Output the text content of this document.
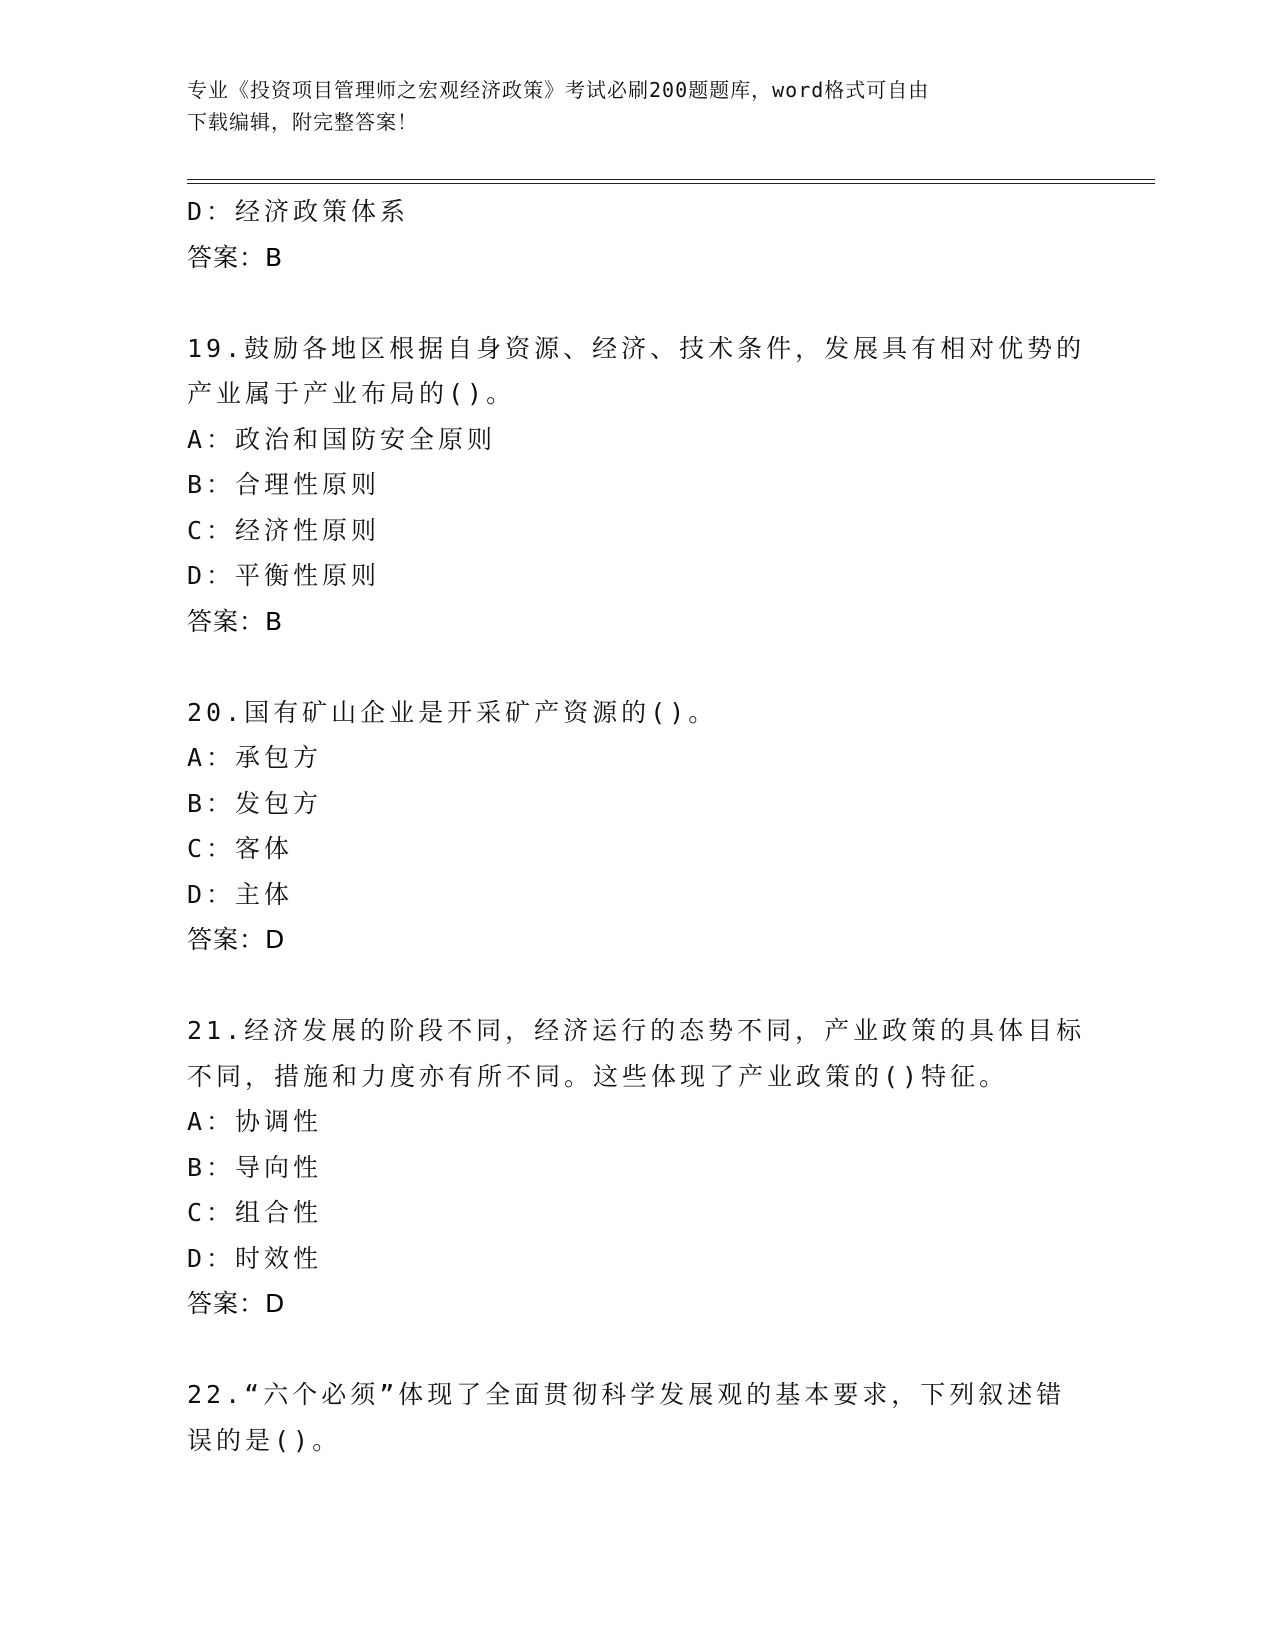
专业《投资项目管理师之宏观经济政策》考试必刷200题题库，word格式可自由
下载编辑，附完整答案！
D：经济政策体系
答案：B
19.鼓励各地区根据自身资源、经济、技术条件，发展具有相对优势的
产业属于产业布局的()。
A：政治和国防安全原则
B：合理性原则
C：经济性原则
D：平衡性原则
答案：B
20.国有矿山企业是开采矿产资源的()。
A：承包方
B：发包方
C：客体
D：主体
答案：D
21.经济发展的阶段不同，经济运行的态势不同，产业政策的具体目标
不同，措施和力度亦有所不同。这些体现了产业政策的()特征。
A：协调性
B：导向性
C：组合性
D：时效性
答案：D
22.“六个必须”体现了全面贯彻科学发展观的基本要求，下列叙述错
误的是()。
